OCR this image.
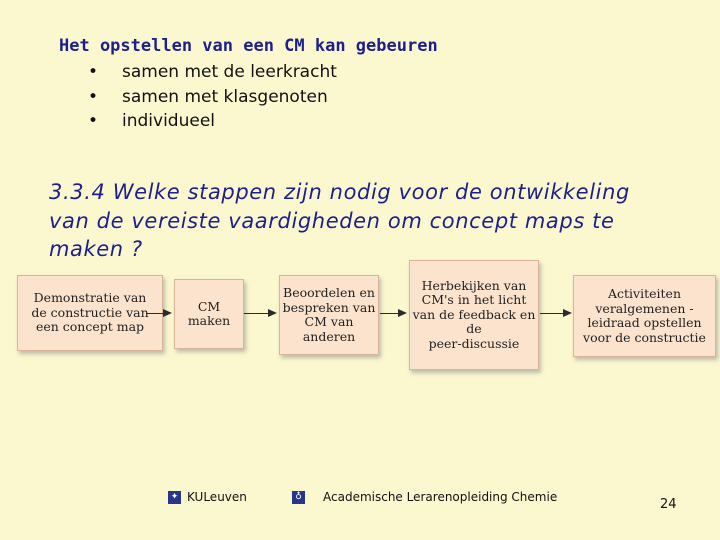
Het opstellen van een CM kan gebeuren
• samen met de leerkracht
• samen met klasgenoten
• individueel
3.3.4 Welke stappen zijn nodig voor de ontwikkeling van de vereiste vaardigheden om concept maps te maken ?
Demonstratie van
de constructie van
een concept map
CM maken
Beoordelen en
bespreken van
CM van
anderen
Herbekijken van
CM's in het licht
van de feedback en
de
peer-discussie
Activiteiten
veralgemenen -
leidraad opstellen
voor de constructie
✦ KULeuven	♁ Academische Lerarenopleiding Chemie	24
